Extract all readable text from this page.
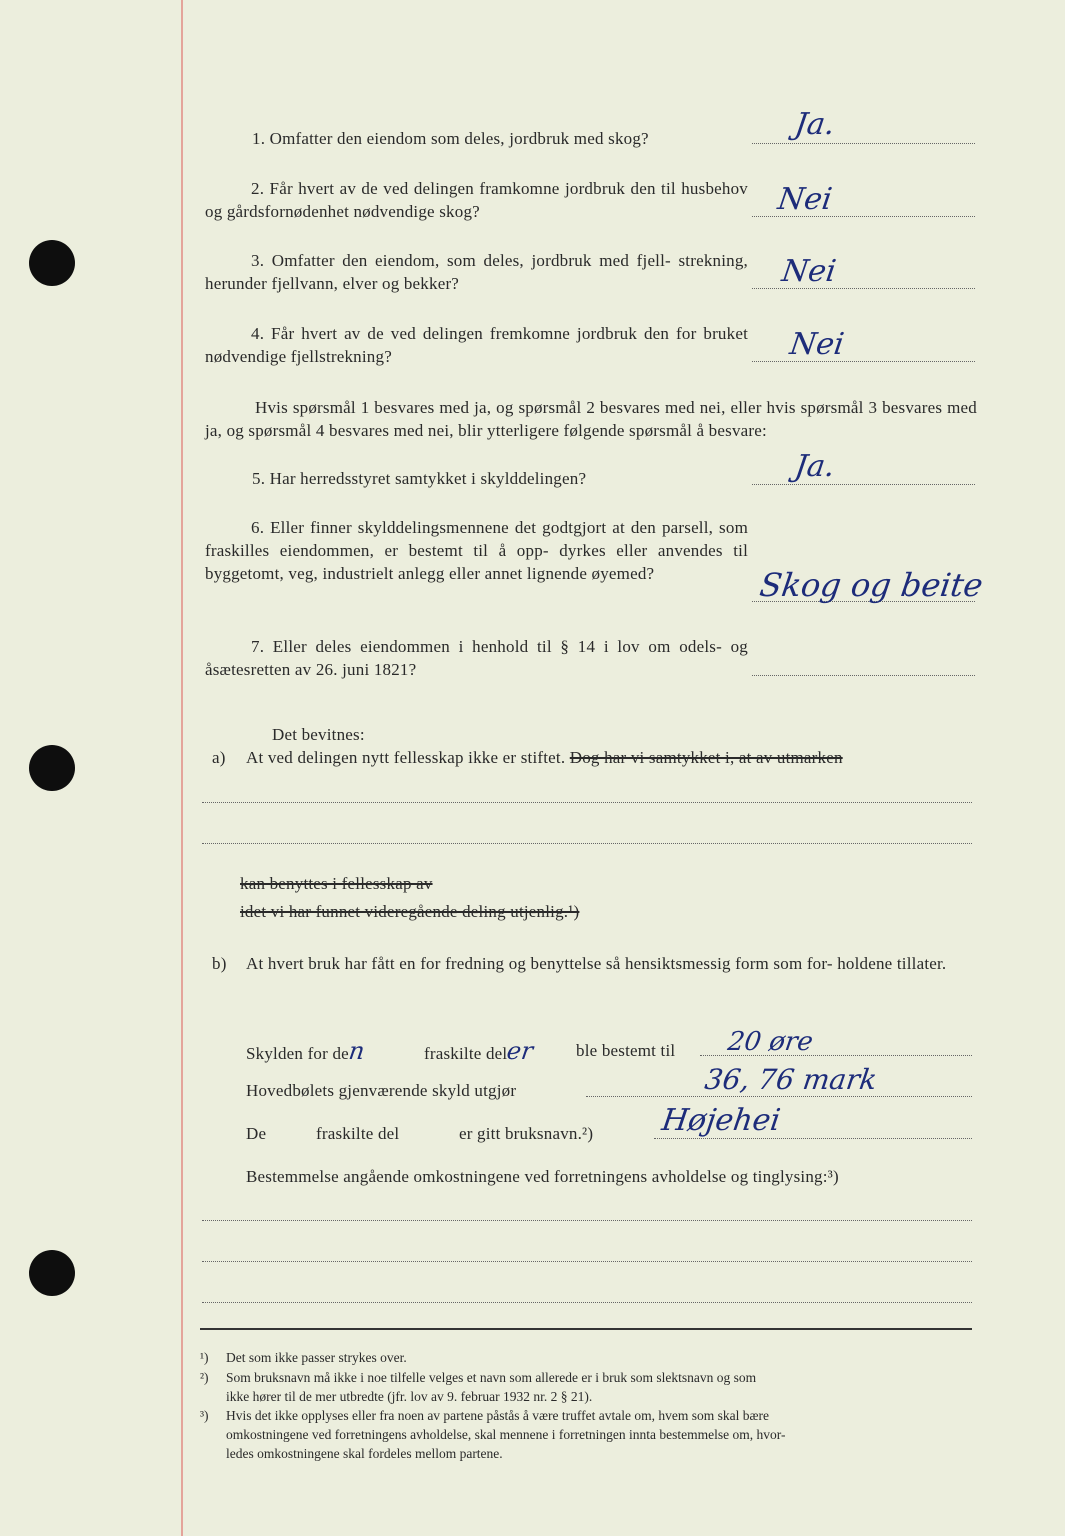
1. Omfatter den eiendom som deles, jordbruk med skog?	Ja.
2. Får hvert av de ved delingen framkomne jordbruk den til husbehov og gårdsfornødenhet nødvendige skog?	Nei
3. Omfatter den eiendom, som deles, jordbruk med fjell- strekning, herunder fjellvann, elver og bekker?	Nei
4. Får hvert av de ved delingen fremkomne jordbruk den for bruket nødvendige fjellstrekning?	Nei
Hvis spørsmål 1 besvares med ja, og spørsmål 2 besvares med nei, eller hvis spørsmål 3 besvares med ja, og spørsmål 4 besvares med nei, blir ytterligere følgende spørsmål å besvare:
5. Har herredsstyret samtykket i skylddelingen?	Ja.
6. Eller finner skylddelingsmennene det godtgjort at den parsell, som fraskilles eiendommen, er bestemt til å opp- dyrkes eller anvendes til byggetomt, veg, industrielt anlegg eller annet lignende øyemed?	Skog og beite
7. Eller deles eiendommen i henhold til § 14 i lov om odels- og åsætesretten av 26. juni 1821?
Det bevitnes:
a) At ved delingen nytt fellesskap ikke er stiftet. Dog har vi samtykket i, at av utmarken
kan benyttes i fellesskap av
idet vi har funnet videregående deling utjenlig.¹)
b) At hvert bruk har fått en for fredning og benyttelse så hensiktsmessig form som for- holdene tillater.
Skylden for den	fraskilte deler ble bestemt til 20 øre
Hovedbølets gjenværende skyld utgjør	36, 76 mark
De	fraskilte del	er gitt bruksnavn.²) Højehei
Bestemmelse angående omkostningene ved forretningens avholdelse og tinglysing:³)
¹) Det som ikke passer strykes over.
²) Som bruksnavn må ikke i noe tilfelle velges et navn som allerede er i bruk som slektsnavn og som
ikke hører til de mer utbredte (jfr. lov av 9. februar 1932 nr. 2 § 21).
³) Hvis det ikke opplyses eller fra noen av partene påstås å være truffet avtale om, hvem som skal bære
omkostningene ved forretningens avholdelse, skal mennene i forretningen innta bestemmelse om, hvor-
ledes omkostningene skal fordeles mellom partene.
